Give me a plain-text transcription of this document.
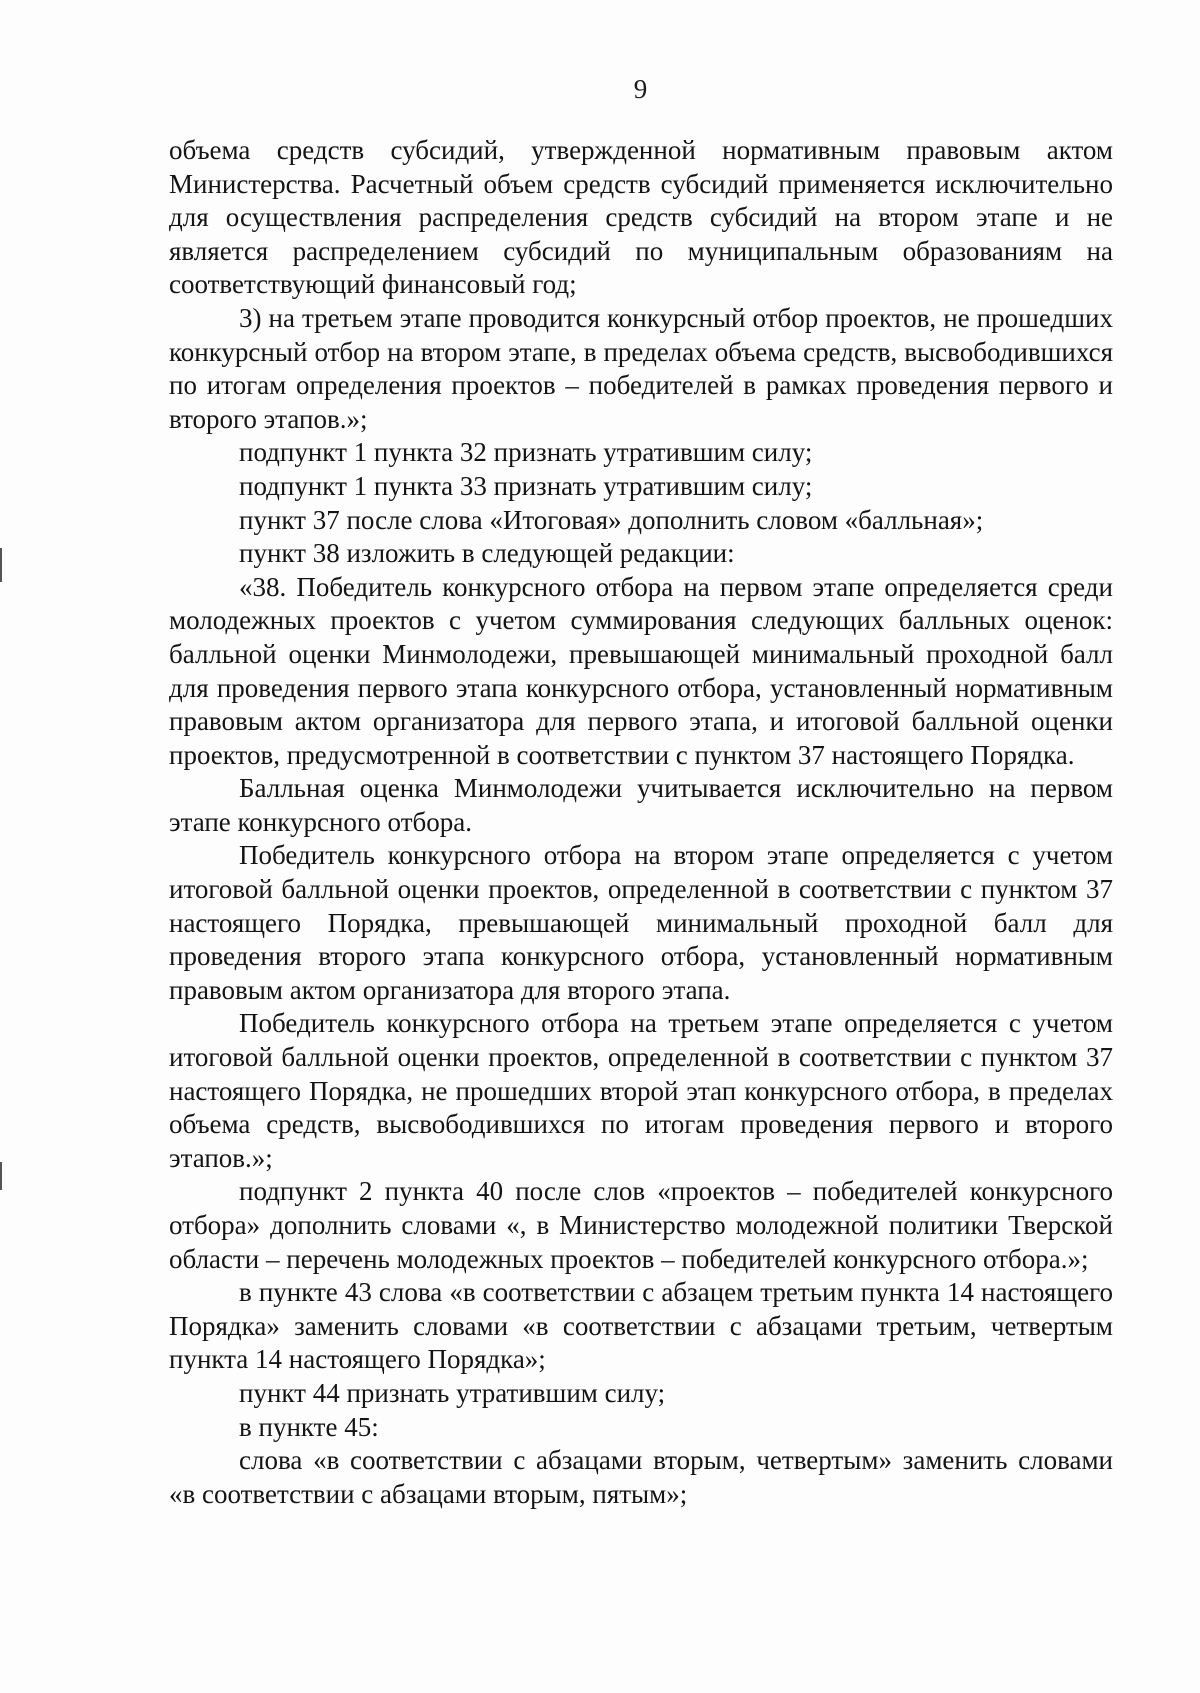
9

объема средств субсидий, утвержденной нормативным правовым актом Министерства. Расчетный объем средств субсидий применяется исключительно для осуществления распределения средств субсидий на втором этапе и не является распределением субсидий по муниципальным образованиям на соответствующий финансовый год;

3) на третьем этапе проводится конкурсный отбор проектов, не прошедших конкурсный отбор на втором этапе, в пределах объема средств, высвободившихся по итогам определения проектов – победителей в рамках проведения первого и второго этапов.»;

подпункт 1 пункта 32 признать утратившим силу;

подпункт 1 пункта 33 признать утратившим силу;

пункт 37 после слова «Итоговая» дополнить словом «балльная»;

пункт 38 изложить в следующей редакции:

«38. Победитель конкурсного отбора на первом этапе определяется среди молодежных проектов с учетом суммирования следующих балльных оценок: балльной оценки Минмолодежи, превышающей минимальный проходной балл для проведения первого этапа конкурсного отбора, установленный нормативным правовым актом организатора для первого этапа, и итоговой балльной оценки проектов, предусмотренной в соответствии с пунктом 37 настоящего Порядка.

Балльная оценка Минмолодежи учитывается исключительно на первом этапе конкурсного отбора.

Победитель конкурсного отбора на втором этапе определяется с учетом итоговой балльной оценки проектов, определенной в соответствии с пунктом 37 настоящего Порядка, превышающей минимальный проходной балл для проведения второго этапа конкурсного отбора, установленный нормативным правовым актом организатора для второго этапа.

Победитель конкурсного отбора на третьем этапе определяется с учетом итоговой балльной оценки проектов, определенной в соответствии с пунктом 37 настоящего Порядка, не прошедших второй этап конкурсного отбора, в пределах объема средств, высвободившихся по итогам проведения первого и второго этапов.»;

подпункт 2 пункта 40 после слов «проектов – победителей конкурсного отбора» дополнить словами «, в Министерство молодежной политики Тверской области – перечень молодежных проектов – победителей конкурсного отбора.»;

в пункте 43 слова «в соответствии с абзацем третьим пункта 14 настоящего Порядка» заменить словами «в соответствии с абзацами третьим, четвертым пункта 14 настоящего Порядка»;

пункт 44 признать утратившим силу;

в пункте 45:

слова «в соответствии с абзацами вторым, четвертым» заменить словами «в соответствии с абзацами вторым, пятым»;
